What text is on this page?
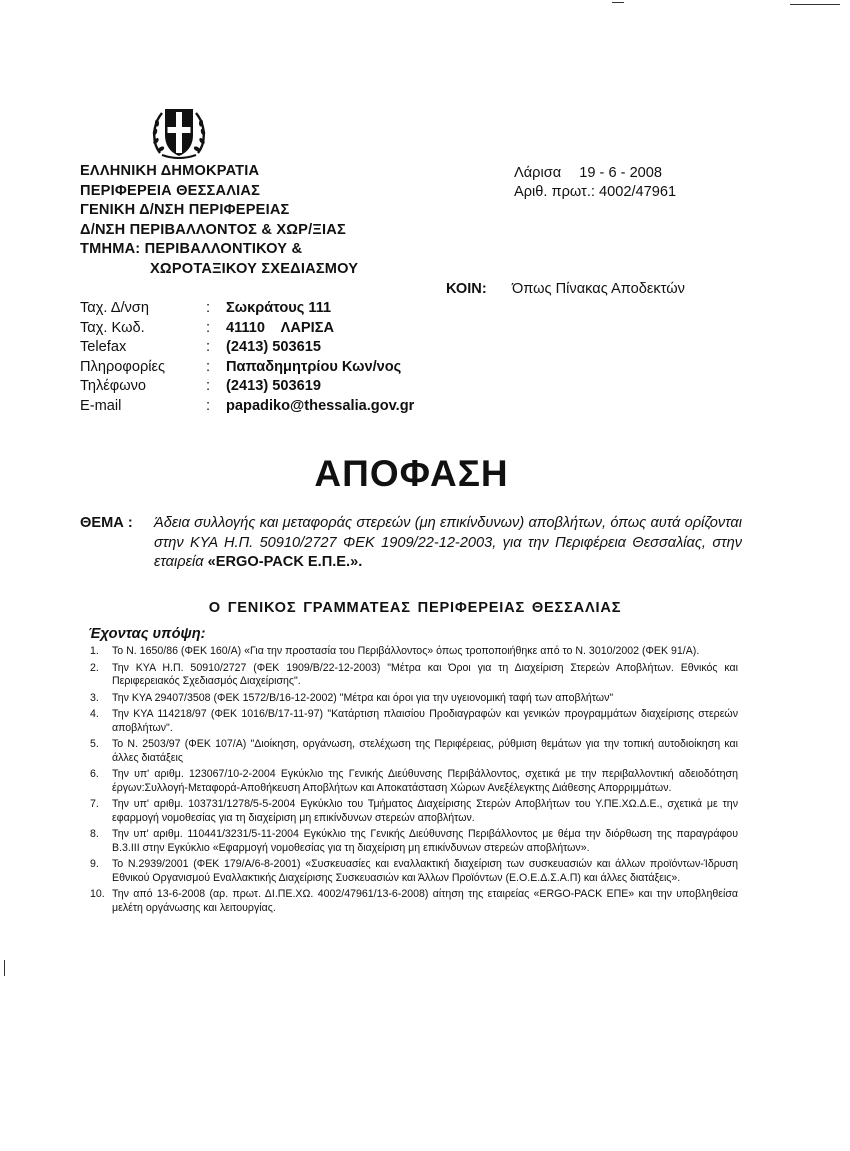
ΕΛΛΗΝΙΚΗ ΔΗΜΟΚΡΑΤΙΑ
ΠΕΡΙΦΕΡΕΙΑ ΘΕΣΣΑΛΙΑΣ
ΓΕΝΙΚΗ Δ/ΝΣΗ ΠΕΡΙΦΕΡΕΙΑΣ
Δ/ΝΣΗ ΠΕΡΙΒΑΛΛΟΝΤΟΣ & ΧΩΡ/ΞΙΑΣ
ΤΜΗΜΑ: ΠΕΡΙΒΑΛΛΟΝΤΙΚΟΥ &
ΧΩΡΟΤΑΞΙΚΟΥ ΣΧΕΔΙΑΣΜΟΥ
Λάρισα 19 - 6 - 2008
Αριθ. πρωτ.: 4002/47961
ΚΟΙΝ: Όπως Πίνακας Αποδεκτών
Ταχ. Δ/νση	:	Σωκράτους 111
Ταχ. Κωδ.	:	41110    ΛΑΡΙΣΑ
Telefax	:	(2413) 503615
Πληροφορίες	:	Παπαδημητρίου Κων/νος
Τηλέφωνο	:	(2413) 503619
E-mail	:	papadiko@thessalia.gov.gr
ΑΠΟΦΑΣΗ
ΘΕΜΑ :	Άδεια συλλογής και μεταφοράς στερεών (μη επικίνδυνων) αποβλήτων, όπως αυτά ορίζονται στην ΚΥΑ Η.Π. 50910/2727 ΦΕΚ 1909/22-12-2003, για την Περιφέρεια Θεσσαλίας, στην εταιρεία «ERGO-PACK Ε.Π.Ε.».
Ο ΓΕΝΙΚΟΣ ΓΡΑΜΜΑΤΕΑΣ ΠΕΡΙΦΕΡΕΙΑΣ ΘΕΣΣΑΛΙΑΣ
Έχοντας υπόψη:
1.	Το Ν. 1650/86 (ΦΕΚ 160/Α) «Για την προστασία του Περιβάλλοντος» όπως τροποποιήθηκε από το Ν. 3010/2002 (ΦΕΚ 91/Α).
2.	Την ΚΥΑ Η.Π. 50910/2727 (ΦΕΚ 1909/Β/22-12-2003) "Μέτρα και Όροι για τη Διαχείριση Στερεών Αποβλήτων. Εθνικός και Περιφερειακός Σχεδιασμός Διαχείρισης".
3.	Την ΚΥΑ 29407/3508 (ΦΕΚ 1572/Β/16-12-2002) "Μέτρα και όροι για την υγειονομική ταφή των αποβλήτων"
4.	Την ΚΥΑ 114218/97 (ΦΕΚ 1016/Β/17-11-97) "Κατάρτιση πλαισίου Προδιαγραφών και γενικών προγραμμάτων διαχείρισης στερεών αποβλήτων".
5.	Το Ν. 2503/97 (ΦΕΚ 107/Α) "Διοίκηση, οργάνωση, στελέχωση της Περιφέρειας, ρύθμιση θεμάτων για την τοπική αυτοδιοίκηση και άλλες διατάξεις
6.	Την υπ' αριθμ. 123067/10-2-2004 Εγκύκλιο της Γενικής Διεύθυνσης Περιβάλλοντος, σχετικά με την περιβαλλοντική αδειοδότηση έργων:Συλλογή-Μεταφορά-Αποθήκευση Αποβλήτων και Αποκατάσταση Χώρων Ανεξέλεγκτης Διάθεσης Απορριμμάτων.
7.	Την υπ' αριθμ. 103731/1278/5-5-2004 Εγκύκλιο του Τμήματος Διαχείρισης Στερών Αποβλήτων του Υ.ΠΕ.ΧΩ.Δ.Ε., σχετικά με την εφαρμογή νομοθεσίας για τη διαχείριση μη επικίνδυνων στερεών αποβλήτων.
8.	Την υπ' αριθμ. 110441/3231/5-11-2004 Εγκύκλιο της Γενικής Διεύθυνσης Περιβάλλοντος με θέμα την διόρθωση της παραγράφου Β.3.ΙΙΙ στην Εγκύκλιο «Εφαρμογή νομοθεσίας για τη διαχείριση μη επικίνδυνων στερεών αποβλήτων».
9.	Το Ν.2939/2001 (ΦΕΚ 179/Α/6-8-2001) «Συσκευασίες και εναλλακτική διαχείριση των συσκευασιών και άλλων προϊόντων-Ίδρυση Εθνικού Οργανισμού Εναλλακτικής Διαχείρισης Συσκευασιών και Άλλων Προϊόντων (Ε.Ο.Ε.Δ.Σ.Α.Π) και άλλες διατάξεις».
10. Την από 13-6-2008 (αρ. πρωτ. ΔΙ.ΠΕ.ΧΩ. 4002/47961/13-6-2008) αίτηση της εταιρείας «ERGO-PACK ΕΠΕ» και την υποβληθείσα μελέτη οργάνωσης και λειτουργίας.
